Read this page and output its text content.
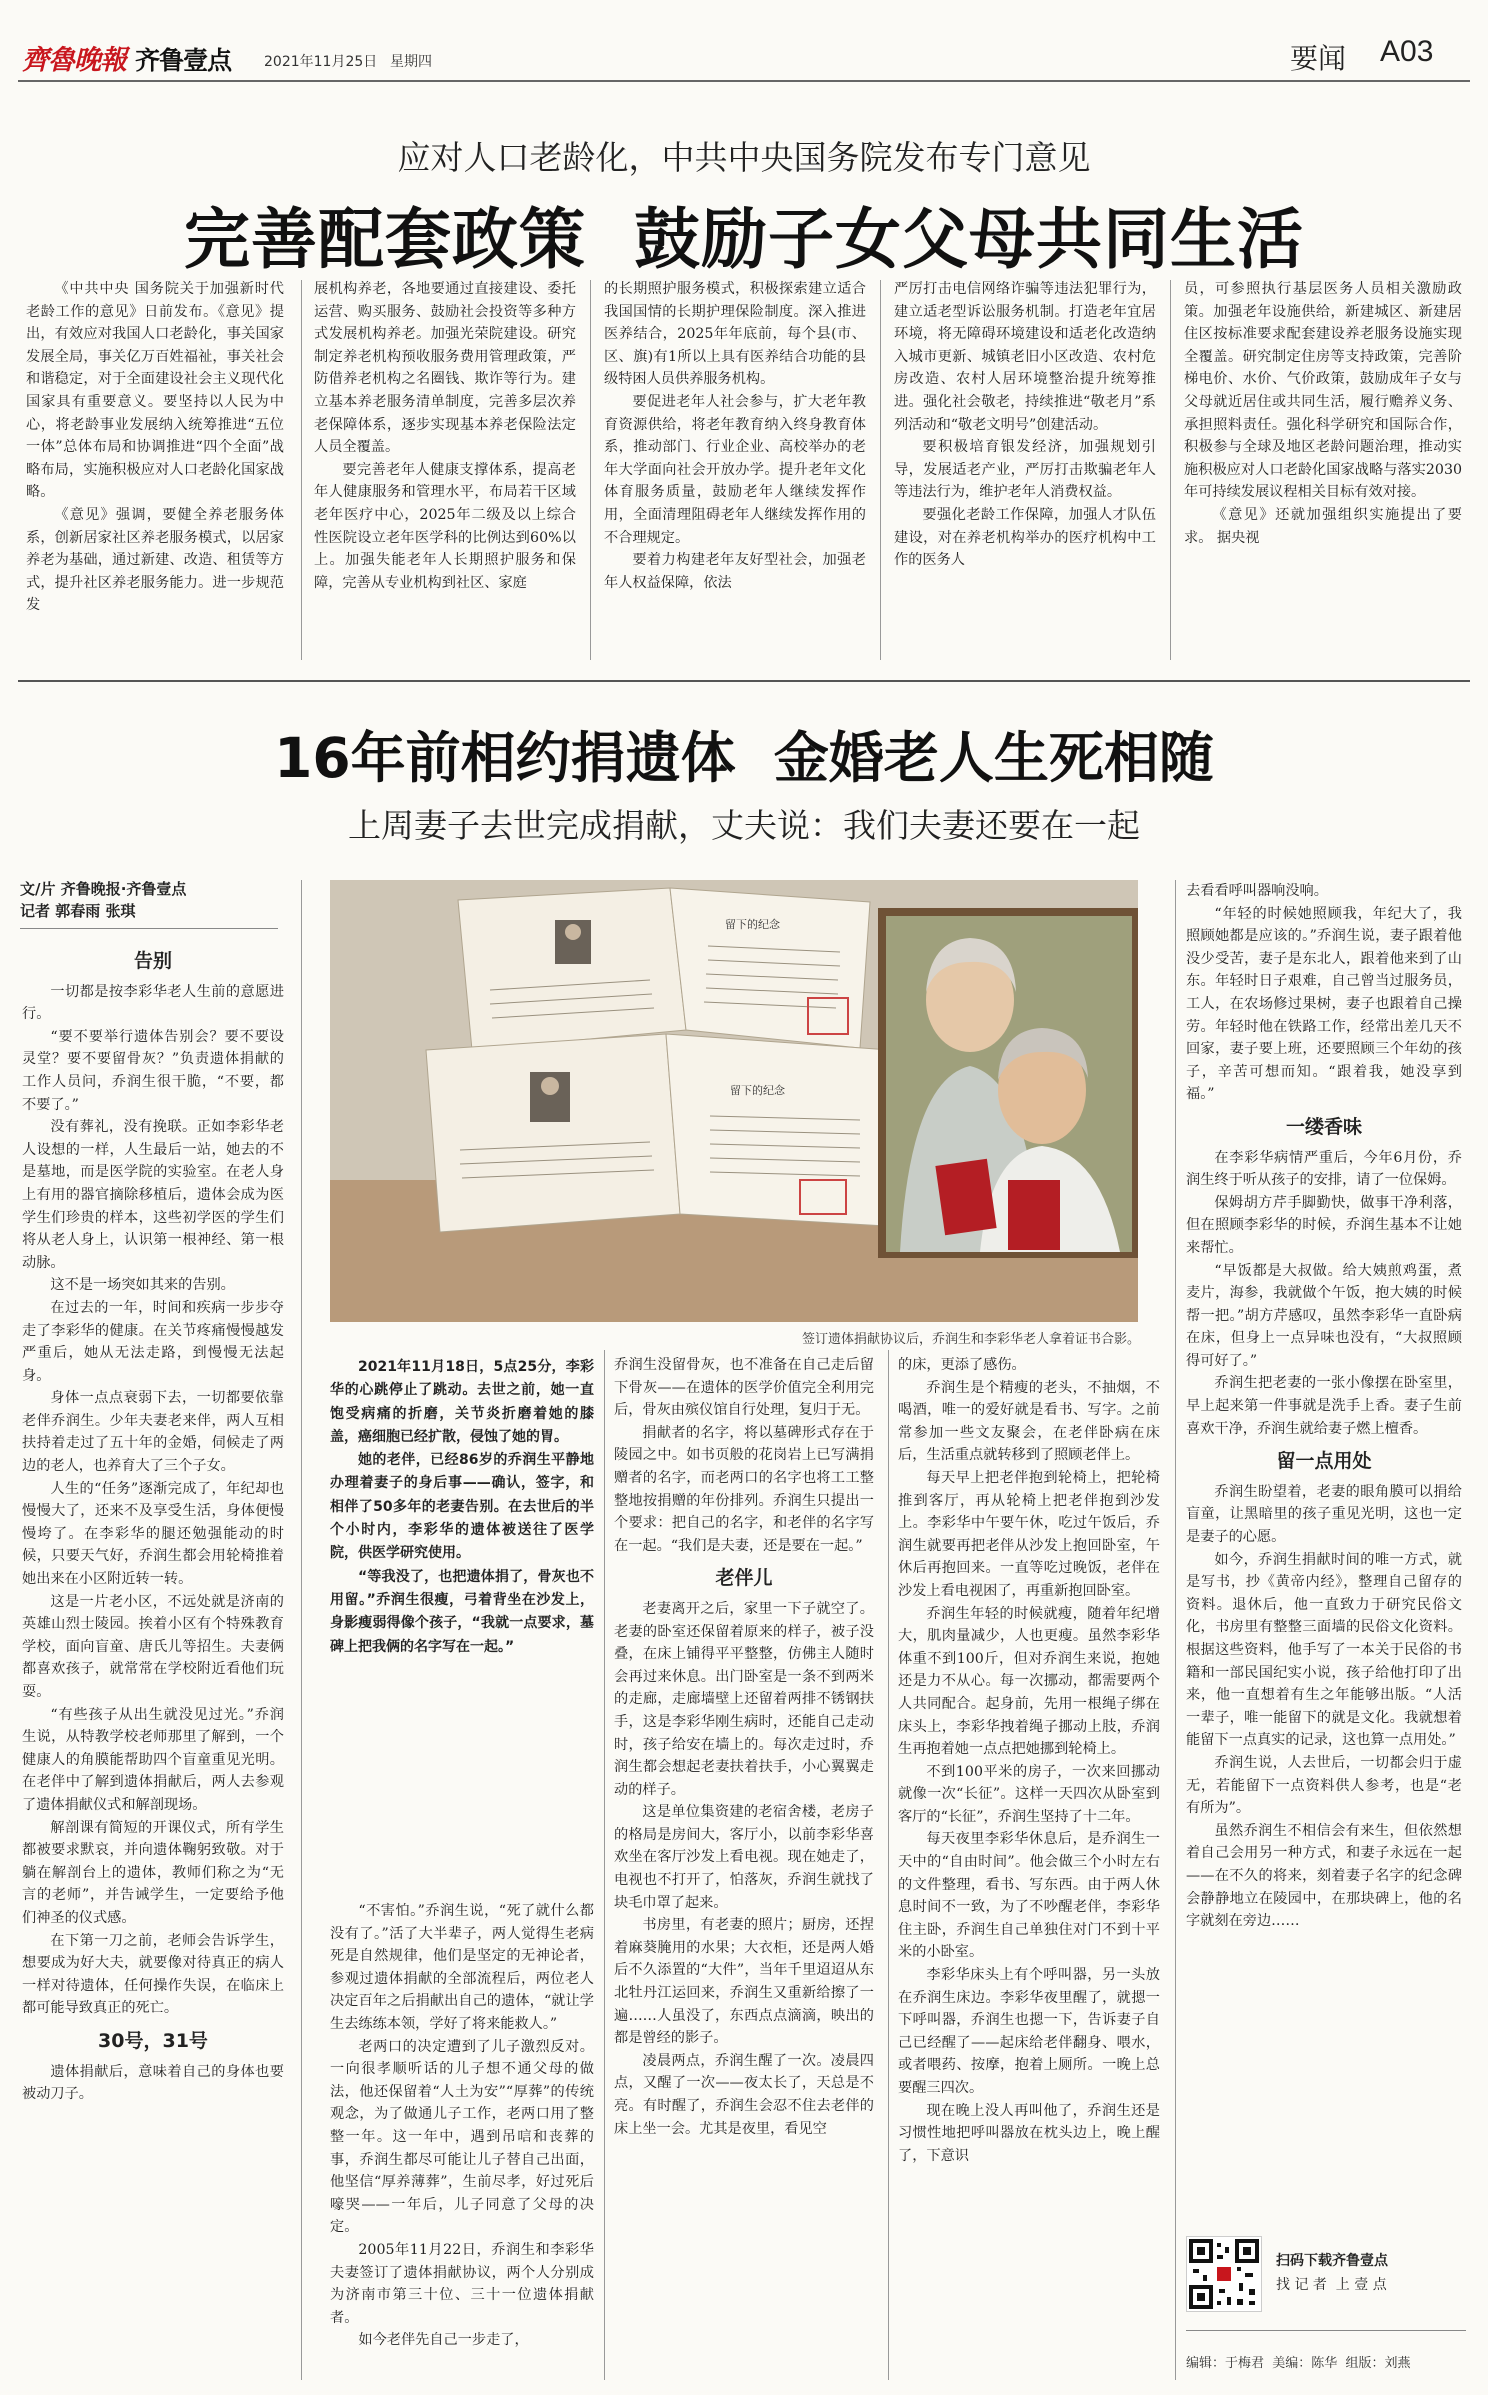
齊魯晚報 齐鲁壹点 2021年11月25日 星期四	要闻 A03
应对人口老龄化，中共中央国务院发布专门意见
完善配套政策  鼓励子女父母共同生活

《中共中央 国务院关于加强新时代老龄工作的意见》日前发布。《意见》提出，有效应对我国人口老龄化，事关国家发展全局，事关亿万百姓福祉，事关社会和谐稳定，对于全面建设社会主义现代化国家具有重要意义。要坚持以人民为中心，将老龄事业发展纳入统筹推进“五位一体”总体布局和协调推进“四个全面”战略布局，实施积极应对人口老龄化国家战略。

《意见》强调，要健全养老服务体系，创新居家社区养老服务模式，以居家养老为基础，通过新建、改造、租赁等方式，提升社区养老服务能力。进一步规范发

展机构养老，各地要通过直接建设、委托运营、购买服务、鼓励社会投资等多种方式发展机构养老。加强光荣院建设。研究制定养老机构预收服务费用管理政策，严防借养老机构之名圈钱、欺诈等行为。建立基本养老服务清单制度，完善多层次养老保障体系，逐步实现基本养老保险法定人员全覆盖。

要完善老年人健康支撑体系，提高老年人健康服务和管理水平，布局若干区域老年医疗中心，2025年二级及以上综合性医院设立老年医学科的比例达到60%以上。加强失能老年人长期照护服务和保障，完善从专业机构到社区、家庭

的长期照护服务模式，积极探索建立适合我国国情的长期护理保险制度。深入推进医养结合，2025年年底前，每个县(市、区、旗)有1所以上具有医养结合功能的县级特困人员供养服务机构。

要促进老年人社会参与，扩大老年教育资源供给，将老年教育纳入终身教育体系，推动部门、行业企业、高校举办的老年大学面向社会开放办学。提升老年文化体育服务质量，鼓励老年人继续发挥作用，全面清理阻碍老年人继续发挥作用的不合理规定。

要着力构建老年友好型社会，加强老年人权益保障，依法

严厉打击电信网络诈骗等违法犯罪行为，建立适老型诉讼服务机制。打造老年宜居环境，将无障碍环境建设和适老化改造纳入城市更新、城镇老旧小区改造、农村危房改造、农村人居环境整治提升统筹推进。强化社会敬老，持续推进“敬老月”系列活动和“敬老文明号”创建活动。

要积极培育银发经济，加强规划引导，发展适老产业，严厉打击欺骗老年人等违法行为，维护老年人消费权益。

要强化老龄工作保障，加强人才队伍建设，对在养老机构举办的医疗机构中工作的医务人

员，可参照执行基层医务人员相关激励政策。加强老年设施供给，新建城区、新建居住区按标准要求配套建设养老服务设施实现全覆盖。研究制定住房等支持政策，完善阶梯电价、水价、气价政策，鼓励成年子女与父母就近居住或共同生活，履行赡养义务、承担照料责任。强化科学研究和国际合作，积极参与全球及地区老龄问题治理，推动实施积极应对人口老龄化国家战略与落实2030年可持续发展议程相关目标有效对接。

《意见》还就加强组织实施提出了要求。 据央视

16年前相约捐遗体  金婚老人生死相随
上周妻子去世完成捐献，丈夫说：我们夫妻还要在一起
文/片 齐鲁晚报·齐鲁壹点
记者 郭春雨 张琪
留下的纪念
留下的纪念
签订遗体捐献协议后，乔润生和李彩华老人拿着证书合影。
告别

一切都是按李彩华老人生前的意愿进行。

“要不要举行遗体告别会？要不要设灵堂？要不要留骨灰？”负责遗体捐献的工作人员问，乔润生很干脆，“不要，都不要了。”

没有葬礼，没有挽联。正如李彩华老人设想的一样，人生最后一站，她去的不是墓地，而是医学院的实验室。在老人身上有用的器官摘除移植后，遗体会成为医学生们珍贵的样本，这些初学医的学生们将从老人身上，认识第一根神经、第一根动脉。

这不是一场突如其来的告别。

在过去的一年，时间和疾病一步步夺走了李彩华的健康。在关节疼痛慢慢越发严重后，她从无法走路，到慢慢无法起身。

身体一点点衰弱下去，一切都要依靠老伴乔润生。少年夫妻老来伴，两人互相扶持着走过了五十年的金婚，伺候走了两边的老人，也养育大了三个子女。

人生的“任务”逐渐完成了，年纪却也慢慢大了，还来不及享受生活，身体便慢慢垮了。在李彩华的腿还勉强能动的时候，只要天气好，乔润生都会用轮椅推着她出来在小区附近转一转。

这是一片老小区，不远处就是济南的英雄山烈士陵园。挨着小区有个特殊教育学校，面向盲童、唐氏儿等招生。夫妻俩都喜欢孩子，就常常在学校附近看他们玩耍。

“有些孩子从出生就没见过光。”乔润生说，从特教学校老师那里了解到，一个健康人的角膜能帮助四个盲童重见光明。在老伴中了解到遗体捐献后，两人去参观了遗体捐献仪式和解剖现场。

解剖课有简短的开课仪式，所有学生都被要求默哀，并向遗体鞠躬致敬。对于躺在解剖台上的遗体，教师们称之为“无言的老师”，并告诫学生，一定要给予他们神圣的仪式感。

在下第一刀之前，老师会告诉学生，想要成为好大夫，就要像对待真正的病人一样对待遗体，任何操作失误，在临床上都可能导致真正的死亡。

30号，31号

遗体捐献后，意味着自己的身体也要被动刀子。

2021年11月18日，5点25分，李彩华的心跳停止了跳动。去世之前，她一直饱受病痛的折磨，关节炎折磨着她的膝盖，癌细胞已经扩散，侵蚀了她的胃。

她的老伴，已经86岁的乔润生平静地办理着妻子的身后事——确认，签字，和相伴了50多年的老妻告别。在去世后的半个小时内，李彩华的遗体被送往了医学院，供医学研究使用。

“等我没了，也把遗体捐了，骨灰也不用留。”乔润生很瘦，弓着背坐在沙发上，身影瘦弱得像个孩子，“我就一点要求，墓碑上把我俩的名字写在一起。”

“不害怕。”乔润生说，“死了就什么都没有了。”活了大半辈子，两人觉得生老病死是自然规律，他们是坚定的无神论者，参观过遗体捐献的全部流程后，两位老人决定百年之后捐献出自己的遗体，“就让学生去练练本领，学好了将来能救人。”

老两口的决定遭到了儿子激烈反对。一向很孝顺听话的儿子想不通父母的做法，他还保留着“人土为安”“厚葬”的传统观念，为了做通儿子工作，老两口用了整整一年。这一年中，遇到吊唁和丧葬的事，乔润生都尽可能让儿子替自己出面，他坚信“厚养薄葬”，生前尽孝，好过死后嚎哭——一年后，儿子同意了父母的决定。

2005年11月22日，乔润生和李彩华夫妻签订了遗体捐献协议，两个人分别成为济南市第三十位、三十一位遗体捐献者。

如今老伴先自己一步走了，

乔润生没留骨灰，也不准备在自己走后留下骨灰——在遗体的医学价值完全利用完后，骨灰由殡仪馆自行处理，复归于无。

捐献者的名字，将以墓碑形式存在于陵园之中。如书页般的花岗岩上已写满捐赠者的名字，而老两口的名字也将工工整整地按捐赠的年份排列。乔润生只提出一个要求：把自己的名字，和老伴的名字写在一起。“我们是夫妻，还是要在一起。”

老伴儿

老妻离开之后，家里一下子就空了。老妻的卧室还保留着原来的样子，被子没叠，在床上铺得平平整整，仿佛主人随时会再过来休息。出门卧室是一条不到两米的走廊，走廊墙壁上还留着两排不锈钢扶手，这是李彩华刚生病时，还能自己走动时，孩子给安在墙上的。每次走过时，乔润生都会想起老妻扶着扶手，小心翼翼走动的样子。

这是单位集资建的老宿舍楼，老房子的格局是房间大，客厅小，以前李彩华喜欢坐在客厅沙发上看电视。现在她走了，电视也不打开了，怕落灰，乔润生就找了块毛巾罩了起来。

书房里，有老妻的照片；厨房，还捏着麻葵腌用的水果；大衣柜，还是两人婚后不久添置的“大件”，当年千里迢迢从东北牡丹江运回来，乔润生又重新给擦了一遍……人虽没了，东西点点滴滴，映出的都是曾经的影子。

凌晨两点，乔润生醒了一次。凌晨四点，又醒了一次——夜太长了，天总是不亮。有时醒了，乔润生会忍不住去老伴的床上坐一会。尤其是夜里，看见空

的床，更添了感伤。

乔润生是个精瘦的老头，不抽烟，不喝酒，唯一的爱好就是看书、写字。之前常参加一些文友聚会，在老伴卧病在床后，生活重点就转移到了照顾老伴上。

每天早上把老伴抱到轮椅上，把轮椅推到客厅，再从轮椅上把老伴抱到沙发上。李彩华中午要午休，吃过午饭后，乔润生就要再把老伴从沙发上抱回卧室，午休后再抱回来。一直等吃过晚饭，老伴在沙发上看电视困了，再重新抱回卧室。

乔润生年轻的时候就瘦，随着年纪增大，肌肉量减少，人也更瘦。虽然李彩华体重不到100斤，但对乔润生来说，抱她还是力不从心。每一次挪动，都需要两个人共同配合。起身前，先用一根绳子绑在床头上，李彩华拽着绳子挪动上肢，乔润生再抱着她一点点把她挪到轮椅上。

不到100平米的房子，一次来回挪动就像一次“长征”。这样一天四次从卧室到客厅的“长征”，乔润生坚持了十二年。

每天夜里李彩华休息后，是乔润生一天中的“自由时间”。他会做三个小时左右的文件整理，看书、写东西。由于两人休息时间不一致，为了不吵醒老伴，李彩华住主卧，乔润生自己单独住对门不到十平米的小卧室。

李彩华床头上有个呼叫器，另一头放在乔润生床边。李彩华夜里醒了，就摁一下呼叫器，乔润生也摁一下，告诉妻子自己已经醒了——起床给老伴翻身、喂水，或者喂药、按摩，抱着上厕所。一晚上总要醒三四次。

现在晚上没人再叫他了，乔润生还是习惯性地把呼叫器放在枕头边上，晚上醒了，下意识

去看看呼叫器响没响。

“年轻的时候她照顾我，年纪大了，我照顾她都是应该的。”乔润生说，妻子跟着他没少受苦，妻子是东北人，跟着他来到了山东。年轻时日子艰难，自己曾当过服务员，工人，在农场修过果树，妻子也跟着自己操劳。年轻时他在铁路工作，经常出差几天不回家，妻子要上班，还要照顾三个年幼的孩子，辛苦可想而知。“跟着我，她没享到福。”

一缕香味

在李彩华病情严重后，今年6月份，乔润生终于听从孩子的安排，请了一位保姆。

保姆胡方芹手脚勤快，做事干净利落，但在照顾李彩华的时候，乔润生基本不让她来帮忙。

“早饭都是大叔做。给大姨煎鸡蛋，煮麦片，海参，我就做个午饭，抱大姨的时候帮一把。”胡方芹感叹，虽然李彩华一直卧病在床，但身上一点异味也没有，“大叔照顾得可好了。”

乔润生把老妻的一张小像摆在卧室里，早上起来第一件事就是洗手上香。妻子生前喜欢干净，乔润生就给妻子燃上檀香。

留一点用处

乔润生盼望着，老妻的眼角膜可以捐给盲童，让黑暗里的孩子重见光明，这也一定是妻子的心愿。

如今，乔润生捐献时间的唯一方式，就是写书，抄《黄帝内经》，整理自己留存的资料。退休后，他一直致力于研究民俗文化，书房里有整整三面墙的民俗文化资料。根据这些资料，他手写了一本关于民俗的书籍和一部民国纪实小说，孩子给他打印了出来，他一直想着有生之年能够出版。“人活一辈子，唯一能留下的就是文化。我就想着能留下一点真实的记录，这也算一点用处。”

乔润生说，人去世后，一切都会归于虚无，若能留下一点资料供人参考，也是“老有所为”。

虽然乔润生不相信会有来生，但依然想着自己会用另一种方式，和妻子永远在一起——在不久的将来，刻着妻子名字的纪念碑会静静地立在陵园中，在那块碑上，他的名字就刻在旁边……

扫码下载齐鲁壹点
找 记 者  上 壹 点
编辑：于梅君  美编：陈华  组版：刘燕
